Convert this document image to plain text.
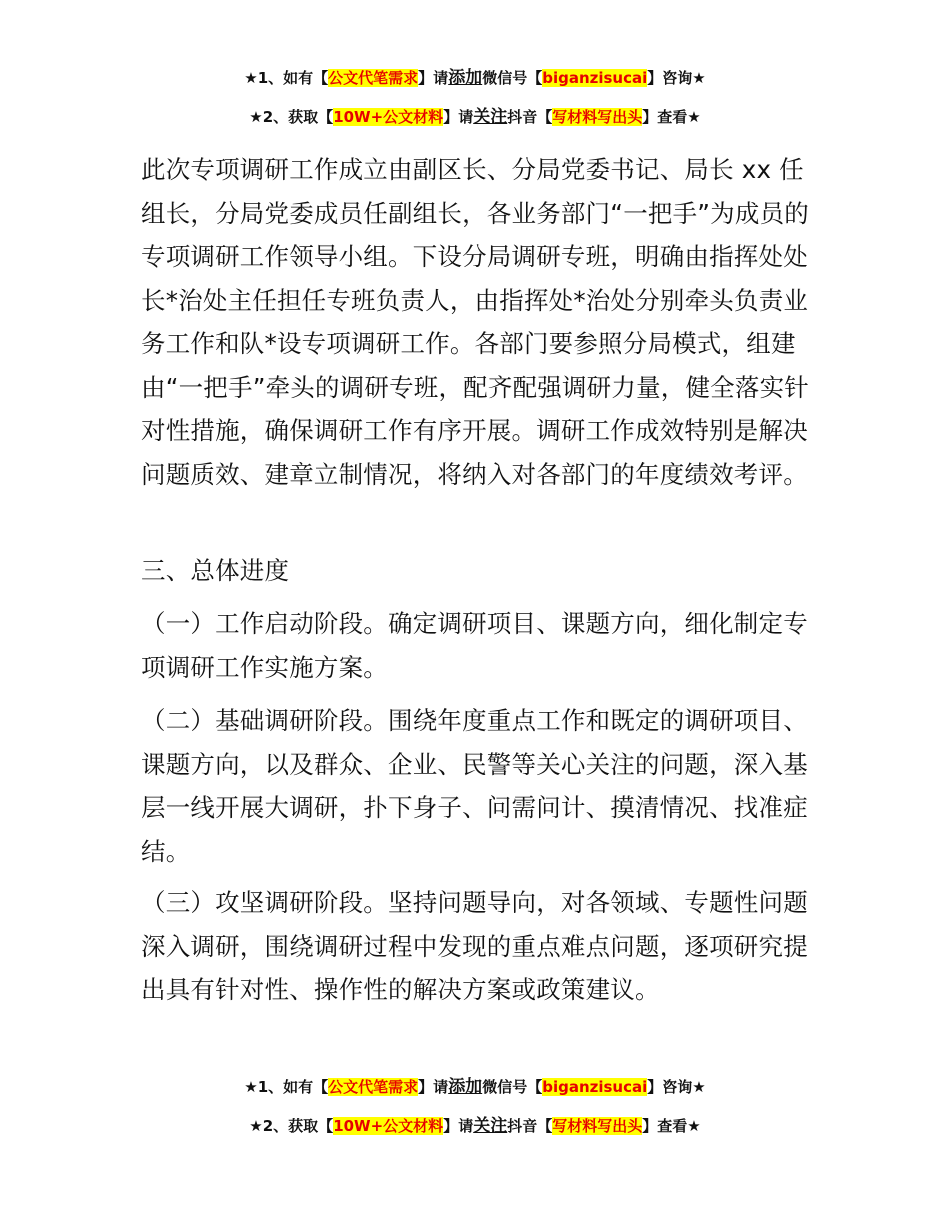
★1、如有【公文代笔需求】请添加微信号【biganzisucai】咨询★
★2、获取【10W+公文材料】请关注抖音【写材料写出头】查看★

此次专项调研工作成立由副区长、分局党委书记、局长 xx 任组长，分局党委成员任副组长，各业务部门“一把手”为成员的专项调研工作领导小组。下设分局调研专班，明确由指挥处处长*治处主任担任专班负责人，由指挥处*治处分别牵头负责业务工作和队*设专项调研工作。各部门要参照分局模式，组建由“一把手”牵头的调研专班，配齐配强调研力量，健全落实针对性措施，确保调研工作有序开展。调研工作成效特别是解决问题质效、建章立制情况，将纳入对各部门的年度绩效考评。

三、总体进度

（一）工作启动阶段。确定调研项目、课题方向，细化制定专项调研工作实施方案。

（二）基础调研阶段。围绕年度重点工作和既定的调研项目、课题方向，以及群众、企业、民警等关心关注的问题，深入基层一线开展大调研，扑下身子、问需问计、摸清情况、找准症结。

（三）攻坚调研阶段。坚持问题导向，对各领域、专题性问题深入调研，围绕调研过程中发现的重点难点问题，逐项研究提出具有针对性、操作性的解决方案或政策建议。

★1、如有【公文代笔需求】请添加微信号【biganzisucai】咨询★
★2、获取【10W+公文材料】请关注抖音【写材料写出头】查看★
